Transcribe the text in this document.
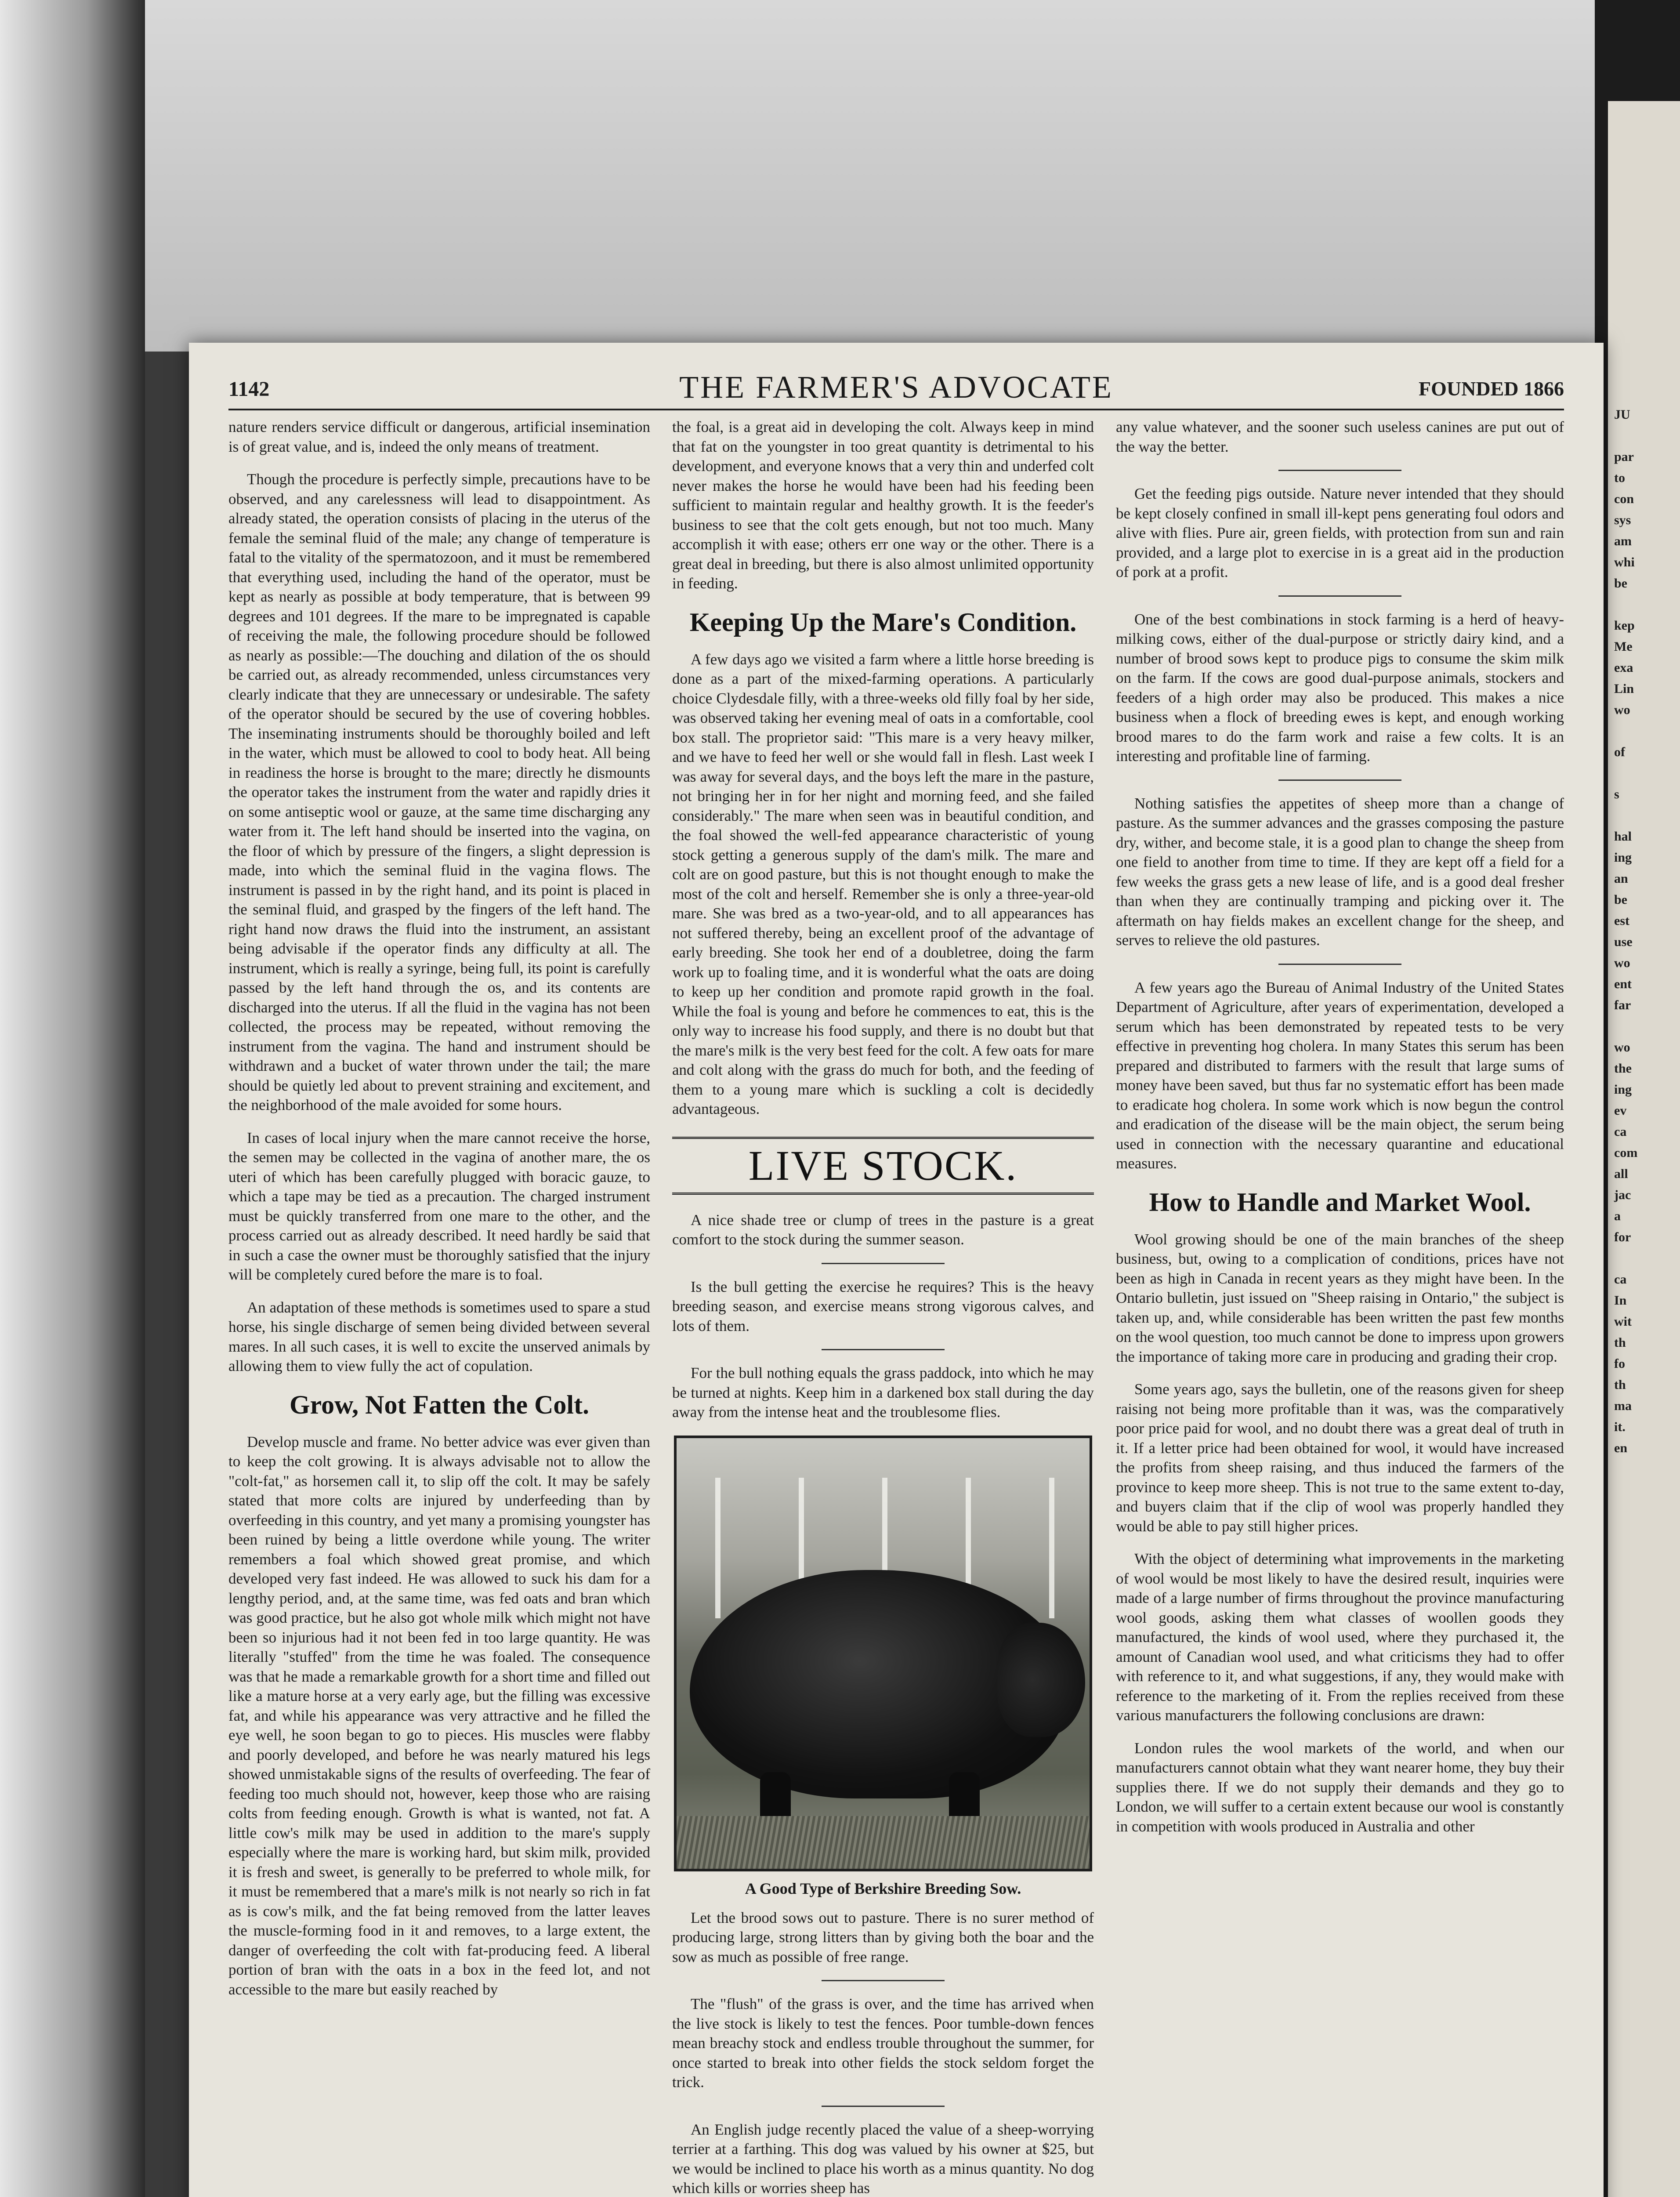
JU

par
to
con
sys
am
whi
be

kep
Me
exa
Lin
wo

of

s

hal
ing
an
be
est
use
wo
ent
far

wo
the
ing
ev
ca
com
all
jac
a
for

ca
In
wit
th
fo
th
ma
it.
en
1142	THE FARMER'S ADVOCATE	FOUNDED 1866

nature renders service difficult or dangerous, artificial insemination is of great value, and is, indeed the only means of treatment.

Though the procedure is perfectly simple, precautions have to be observed, and any carelessness will lead to disappointment. As already stated, the operation consists of placing in the uterus of the female the seminal fluid of the male; any change of temperature is fatal to the vitality of the spermatozoon, and it must be remembered that everything used, including the hand of the operator, must be kept as nearly as possible at body temperature, that is between 99 degrees and 101 degrees. If the mare to be impregnated is capable of receiving the male, the following procedure should be followed as nearly as possible:—The douching and dilation of the os should be carried out, as already recommended, unless circumstances very clearly indicate that they are unnecessary or undesirable. The safety of the operator should be secured by the use of covering hobbles. The inseminating instruments should be thoroughly boiled and left in the water, which must be allowed to cool to body heat. All being in readiness the horse is brought to the mare; directly he dismounts the operator takes the instrument from the water and rapidly dries it on some antiseptic wool or gauze, at the same time discharging any water from it. The left hand should be inserted into the vagina, on the floor of which by pressure of the fingers, a slight depression is made, into which the seminal fluid in the vagina flows. The instrument is passed in by the right hand, and its point is placed in the seminal fluid, and grasped by the fingers of the left hand. The right hand now draws the fluid into the instrument, an assistant being advisable if the operator finds any difficulty at all. The instrument, which is really a syringe, being full, its point is carefully passed by the left hand through the os, and its contents are discharged into the uterus. If all the fluid in the vagina has not been collected, the process may be repeated, without removing the instrument from the vagina. The hand and instrument should be withdrawn and a bucket of water thrown under the tail; the mare should be quietly led about to prevent straining and excitement, and the neighborhood of the male avoided for some hours.

In cases of local injury when the mare cannot receive the horse, the semen may be collected in the vagina of another mare, the os uteri of which has been carefully plugged with boracic gauze, to which a tape may be tied as a precaution. The charged instrument must be quickly transferred from one mare to the other, and the process carried out as already described. It need hardly be said that in such a case the owner must be thoroughly satisfied that the injury will be completely cured before the mare is to foal.

An adaptation of these methods is sometimes used to spare a stud horse, his single discharge of semen being divided between several mares. In all such cases, it is well to excite the unserved animals by allowing them to view fully the act of copulation.

Grow, Not Fatten the Colt.

Develop muscle and frame. No better advice was ever given than to keep the colt growing. It is always advisable not to allow the "colt-fat," as horsemen call it, to slip off the colt. It may be safely stated that more colts are injured by underfeeding than by overfeeding in this country, and yet many a promising youngster has been ruined by being a little overdone while young. The writer remembers a foal which showed great promise, and which developed very fast indeed. He was allowed to suck his dam for a lengthy period, and, at the same time, was fed oats and bran which was good practice, but he also got whole milk which might not have been so injurious had it not been fed in too large quantity. He was literally "stuffed" from the time he was foaled. The consequence was that he made a remarkable growth for a short time and filled out like a mature horse at a very early age, but the filling was excessive fat, and while his appearance was very attractive and he filled the eye well, he soon began to go to pieces. His muscles were flabby and poorly developed, and before he was nearly matured his legs showed unmistakable signs of the results of overfeeding. The fear of feeding too much should not, however, keep those who are raising colts from feeding enough. Growth is what is wanted, not fat. A little cow's milk may be used in addition to the mare's supply especially where the mare is working hard, but skim milk, provided it is fresh and sweet, is generally to be preferred to whole milk, for it must be remembered that a mare's milk is not nearly so rich in fat as is cow's milk, and the fat being removed from the latter leaves the muscle-forming food in it and removes, to a large extent, the danger of overfeeding the colt with fat-producing feed. A liberal portion of bran with the oats in a box in the feed lot, and not accessible to the mare but easily reached by

the foal, is a great aid in developing the colt. Always keep in mind that fat on the youngster in too great quantity is detrimental to his development, and everyone knows that a very thin and underfed colt never makes the horse he would have been had his feeding been sufficient to maintain regular and healthy growth. It is the feeder's business to see that the colt gets enough, but not too much. Many accomplish it with ease; others err one way or the other. There is a great deal in breeding, but there is also almost unlimited opportunity in feeding.

Keeping Up the Mare's Condition.

A few days ago we visited a farm where a little horse breeding is done as a part of the mixed-farming operations. A particularly choice Clydesdale filly, with a three-weeks old filly foal by her side, was observed taking her evening meal of oats in a comfortable, cool box stall. The proprietor said: "This mare is a very heavy milker, and we have to feed her well or she would fall in flesh. Last week I was away for several days, and the boys left the mare in the pasture, not bringing her in for her night and morning feed, and she failed considerably." The mare when seen was in beautiful condition, and the foal showed the well-fed appearance characteristic of young stock getting a generous supply of the dam's milk. The mare and colt are on good pasture, but this is not thought enough to make the most of the colt and herself. Remember she is only a three-year-old mare. She was bred as a two-year-old, and to all appearances has not suffered thereby, being an excellent proof of the advantage of early breeding. She took her end of a doubletree, doing the farm work up to foaling time, and it is wonderful what the oats are doing to keep up her condition and promote rapid growth in the foal. While the foal is young and before he commences to eat, this is the only way to increase his food supply, and there is no doubt but that the mare's milk is the very best feed for the colt. A few oats for mare and colt along with the grass do much for both, and the feeding of them to a young mare which is suckling a colt is decidedly advantageous.

LIVE STOCK.

A nice shade tree or clump of trees in the pasture is a great comfort to the stock during the summer season.

Is the bull getting the exercise he requires? This is the heavy breeding season, and exercise means strong vigorous calves, and lots of them.

For the bull nothing equals the grass paddock, into which he may be turned at nights. Keep him in a darkened box stall during the day away from the intense heat and the troublesome flies.

A Good Type of Berkshire Breeding Sow.

Let the brood sows out to pasture. There is no surer method of producing large, strong litters than by giving both the boar and the sow as much as possible of free range.

The "flush" of the grass is over, and the time has arrived when the live stock is likely to test the fences. Poor tumble-down fences mean breachy stock and endless trouble throughout the summer, for once started to break into other fields the stock seldom forget the trick.

An English judge recently placed the value of a sheep-worrying terrier at a farthing. This dog was valued by his owner at $25, but we would be inclined to place his worth as a minus quantity. No dog which kills or worries sheep has

any value whatever, and the sooner such useless canines are put out of the way the better.

Get the feeding pigs outside. Nature never intended that they should be kept closely confined in small ill-kept pens generating foul odors and alive with flies. Pure air, green fields, with protection from sun and rain provided, and a large plot to exercise in is a great aid in the production of pork at a profit.

One of the best combinations in stock farming is a herd of heavy-milking cows, either of the dual-purpose or strictly dairy kind, and a number of brood sows kept to produce pigs to consume the skim milk on the farm. If the cows are good dual-purpose animals, stockers and feeders of a high order may also be produced. This makes a nice business when a flock of breeding ewes is kept, and enough working brood mares to do the farm work and raise a few colts. It is an interesting and profitable line of farming.

Nothing satisfies the appetites of sheep more than a change of pasture. As the summer advances and the grasses composing the pasture dry, wither, and become stale, it is a good plan to change the sheep from one field to another from time to time. If they are kept off a field for a few weeks the grass gets a new lease of life, and is a good deal fresher than when they are continually tramping and picking over it. The aftermath on hay fields makes an excellent change for the sheep, and serves to relieve the old pastures.

A few years ago the Bureau of Animal Industry of the United States Department of Agriculture, after years of experimentation, developed a serum which has been demonstrated by repeated tests to be very effective in preventing hog cholera. In many States this serum has been prepared and distributed to farmers with the result that large sums of money have been saved, but thus far no systematic effort has been made to eradicate hog cholera. In some work which is now begun the control and eradication of the disease will be the main object, the serum being used in connection with the necessary quarantine and educational measures.

How to Handle and Market Wool.

Wool growing should be one of the main branches of the sheep business, but, owing to a complication of conditions, prices have not been as high in Canada in recent years as they might have been. In the Ontario bulletin, just issued on "Sheep raising in Ontario," the subject is taken up, and, while considerable has been written the past few months on the wool question, too much cannot be done to impress upon growers the importance of taking more care in producing and grading their crop.

Some years ago, says the bulletin, one of the reasons given for sheep raising not being more profitable than it was, was the comparatively poor price paid for wool, and no doubt there was a great deal of truth in it. If a letter price had been obtained for wool, it would have increased the profits from sheep raising, and thus induced the farmers of the province to keep more sheep. This is not true to the same extent to-day, and buyers claim that if the clip of wool was properly handled they would be able to pay still higher prices.

With the object of determining what improvements in the marketing of wool would be most likely to have the desired result, inquiries were made of a large number of firms throughout the province manufacturing wool goods, asking them what classes of woollen goods they manufactured, the kinds of wool used, where they purchased it, the amount of Canadian wool used, and what criticisms they had to offer with reference to it, and what suggestions, if any, they would make with reference to the marketing of it. From the replies received from these various manufacturers the following conclusions are drawn:

London rules the wool markets of the world, and when our manufacturers cannot obtain what they want nearer home, they buy their supplies there. If we do not supply their demands and they go to London, we will suffer to a certain extent because our wool is constantly in competition with wools produced in Australia and other
